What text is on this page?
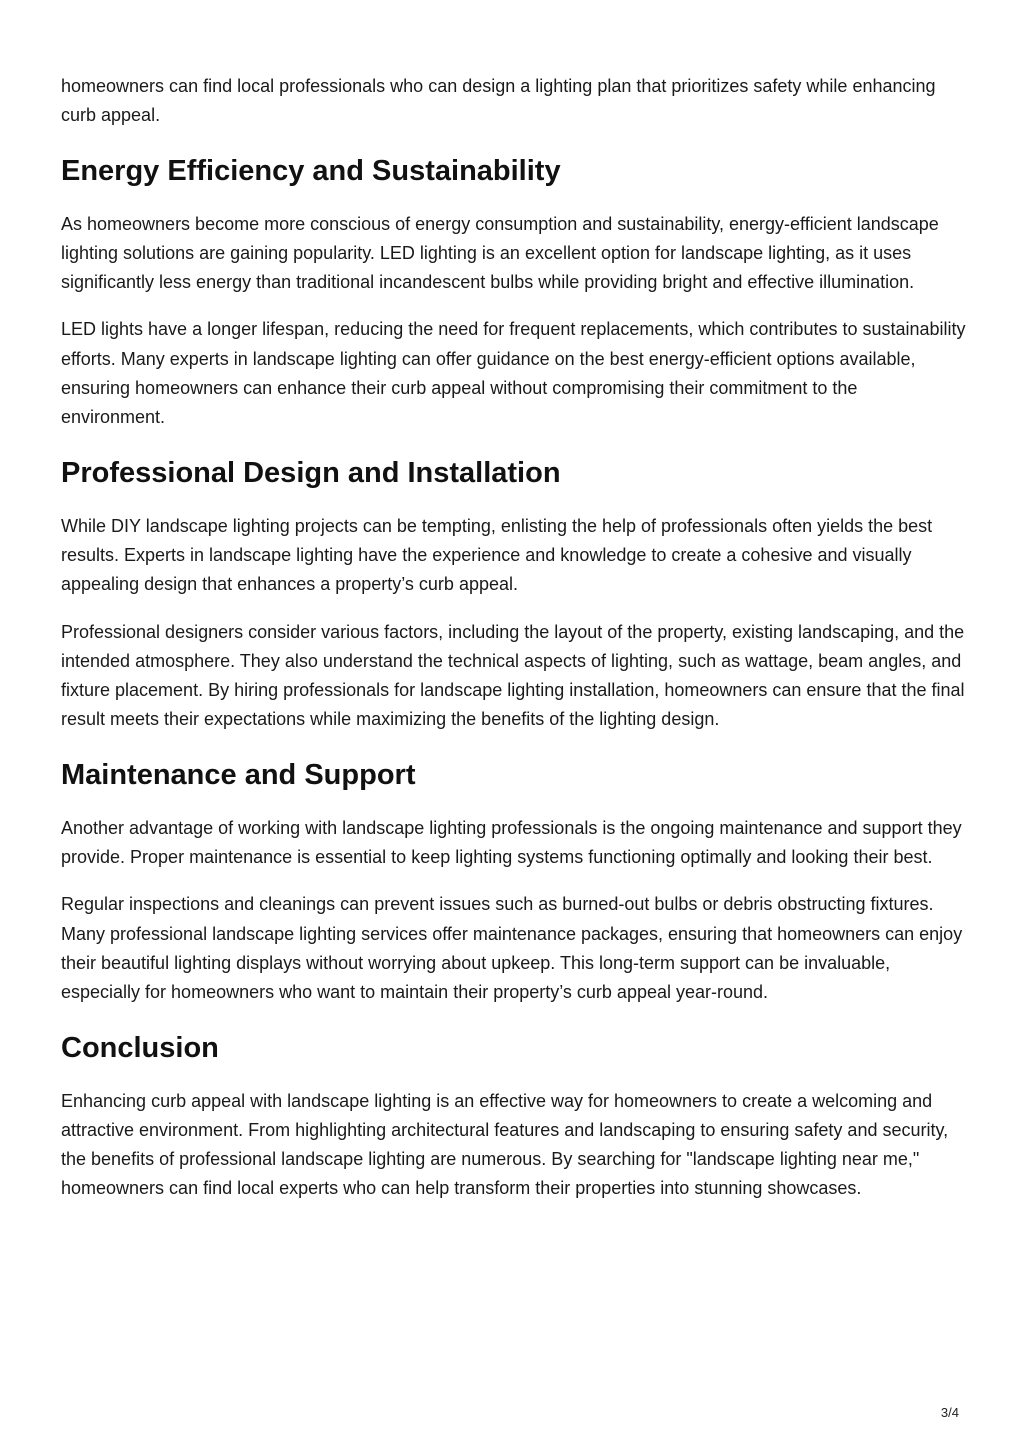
homeowners can find local professionals who can design a lighting plan that prioritizes safety while enhancing curb appeal.

Energy Efficiency and Sustainability

As homeowners become more conscious of energy consumption and sustainability, energy-efficient landscape lighting solutions are gaining popularity. LED lighting is an excellent option for landscape lighting, as it uses significantly less energy than traditional incandescent bulbs while providing bright and effective illumination.

LED lights have a longer lifespan, reducing the need for frequent replacements, which contributes to sustainability efforts. Many experts in landscape lighting can offer guidance on the best energy-efficient options available, ensuring homeowners can enhance their curb appeal without compromising their commitment to the environment.

Professional Design and Installation

While DIY landscape lighting projects can be tempting, enlisting the help of professionals often yields the best results. Experts in landscape lighting have the experience and knowledge to create a cohesive and visually appealing design that enhances a property’s curb appeal.

Professional designers consider various factors, including the layout of the property, existing landscaping, and the intended atmosphere. They also understand the technical aspects of lighting, such as wattage, beam angles, and fixture placement. By hiring professionals for landscape lighting installation, homeowners can ensure that the final result meets their expectations while maximizing the benefits of the lighting design.

Maintenance and Support

Another advantage of working with landscape lighting professionals is the ongoing maintenance and support they provide. Proper maintenance is essential to keep lighting systems functioning optimally and looking their best.

Regular inspections and cleanings can prevent issues such as burned-out bulbs or debris obstructing fixtures. Many professional landscape lighting services offer maintenance packages, ensuring that homeowners can enjoy their beautiful lighting displays without worrying about upkeep. This long-term support can be invaluable, especially for homeowners who want to maintain their property’s curb appeal year-round.

Conclusion

Enhancing curb appeal with landscape lighting is an effective way for homeowners to create a welcoming and attractive environment. From highlighting architectural features and landscaping to ensuring safety and security, the benefits of professional landscape lighting are numerous. By searching for "landscape lighting near me," homeowners can find local experts who can help transform their properties into stunning showcases.

3/4
